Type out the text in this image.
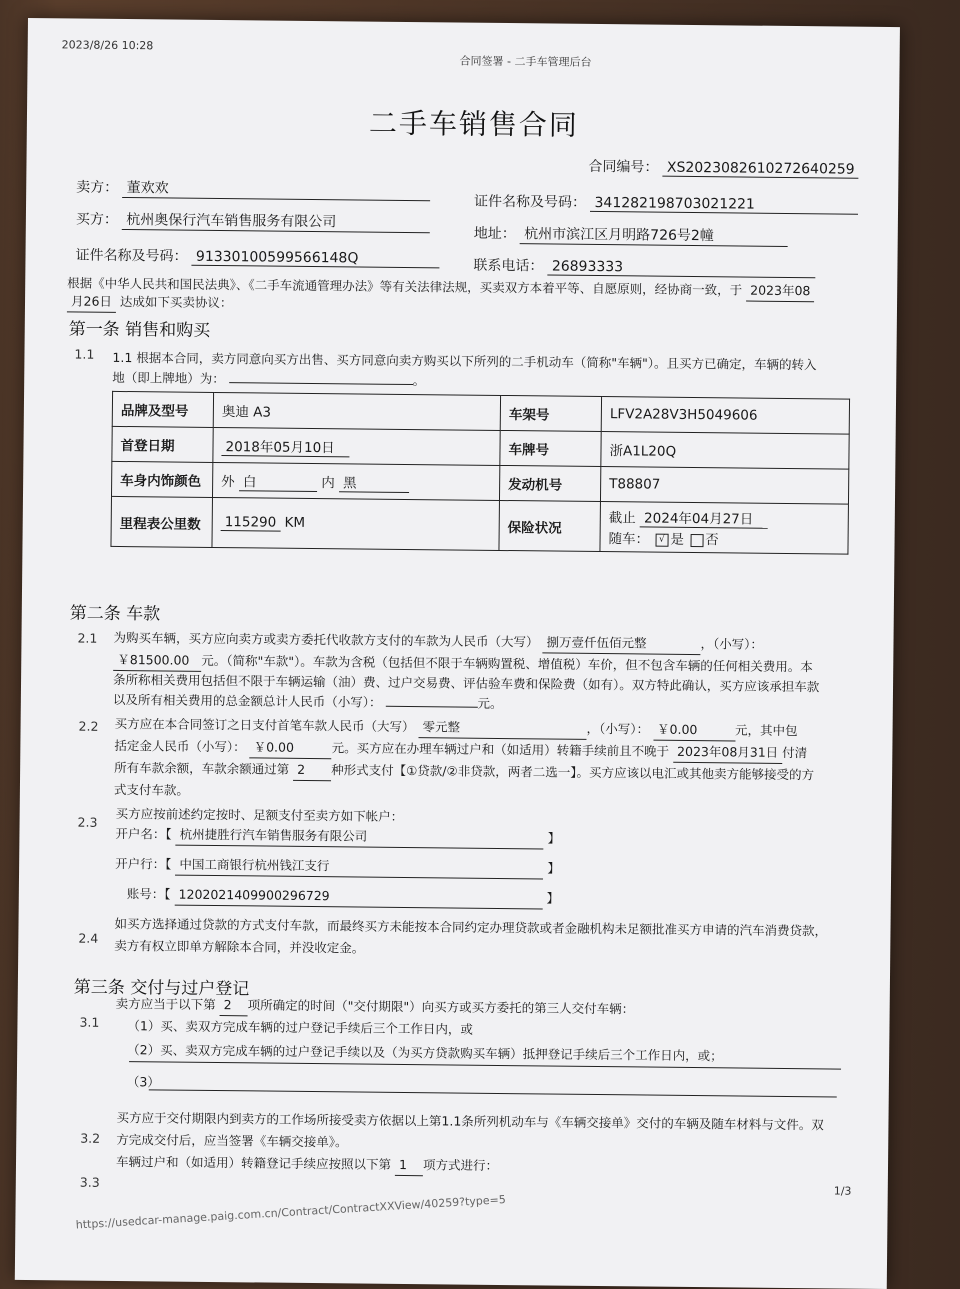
2023/8/26 10:28
合同签署 - 二手车管理后台
二手车销售合同
合同编号： XS2023082610272640259
卖方： 董欢欢
证件名称及号码： 341282198703021221
买方： 杭州奥保行汽车销售服务有限公司
地址： 杭州市滨江区月明路726号2幢
证件名称及号码： 91330100599566148Q	联系电话： 26893333
根据《中华人民共和国民法典》、《二手车流通管理办法》等有关法律法规，买卖双方本着平等、自愿原则，经协商一致，于 2023年08
月26日 达成如下买卖协议：
第一条 销售和购买
1.1 1.1 根据本合同，卖方同意向买方出售、买方同意向卖方购买以下所列的二手机动车（简称"车辆"）。且买方已确定，车辆的转入
地（即上牌地）为：	。
品牌及型号	奥迪 A3	车架号	LFV2A28V3H5049606
首登日期	2018年05月10日	车牌号	浙A1L20Q
车身内饰颜色	外 白 内 黑	发动机号	T88807
里程表公里数	115290 KM	保险状况	截止 2024年04月27日
随车： √ 是 否
第二条 车款
2.1 为购买车辆，买方应向卖方或卖方委托代收款方支付的车款为人民币（大写） 捌万壹仟伍佰元整	，（小写）：
￥81500.00 元。（简称"车款"）。车款为含税（包括但不限于车辆购置税、增值税）车价，但不包含车辆的任何相关费用。本
条所称相关费用包括但不限于车辆运输（油）费、过户交易费、评估验车费和保险费（如有）。双方特此确认，买方应该承担车款
以及所有相关费用的总金额总计人民币（小写）：	元。
2.2 买方应在本合同签订之日支付首笔车款人民币（大写） 零元整	，（小写）： ￥0.00	元，其中包
括定金人民币（小写）： ￥0.00	元。买方应在办理车辆过户和（如适用）转籍手续前且不晚于 2023年08月31日 付清
所有车款余额，车款余额通过第 2 种形式支付【①贷款/②非贷款，两者二选一】。买方应该以电汇或其他卖方能够接受的方
式支付车款。
2.3 买方应按前述约定按时、足额支付至卖方如下帐户：
开户名：【 杭州捷胜行汽车销售服务有限公司	】
开户行：【 中国工商银行杭州钱江支行	】
账号：【 1202021409900296729	】
2.4 如买方选择通过贷款的方式支付车款，而最终买方未能按本合同约定办理贷款或者金融机构未足额批准买方申请的汽车消费贷款，
卖方有权立即单方解除本合同，并没收定金。
第三条 交付与过户登记
3.1
卖方应当于以下第 2 项所确定的时间（"交付期限"）向买方或买方委托的第三人交付车辆：
（1）买、卖双方完成车辆的过户登记手续后三个工作日内，或
（2）买、卖双方完成车辆的过户登记手续以及（为买方贷款购买车辆）抵押登记手续后三个工作日内，或；
（3）
3.2
买方应于交付期限内到卖方的工作场所接受卖方依据以上第1.1条所列机动车与《车辆交接单》交付的车辆及随车材料与文件。双
方完成交付后，应当签署《车辆交接单》。
3.3
车辆过户和（如适用）转籍登记手续应按照以下第 1 项方式进行：
1/3
https://usedcar-manage.paig.com.cn/Contract/ContractXXView/40259?type=5
